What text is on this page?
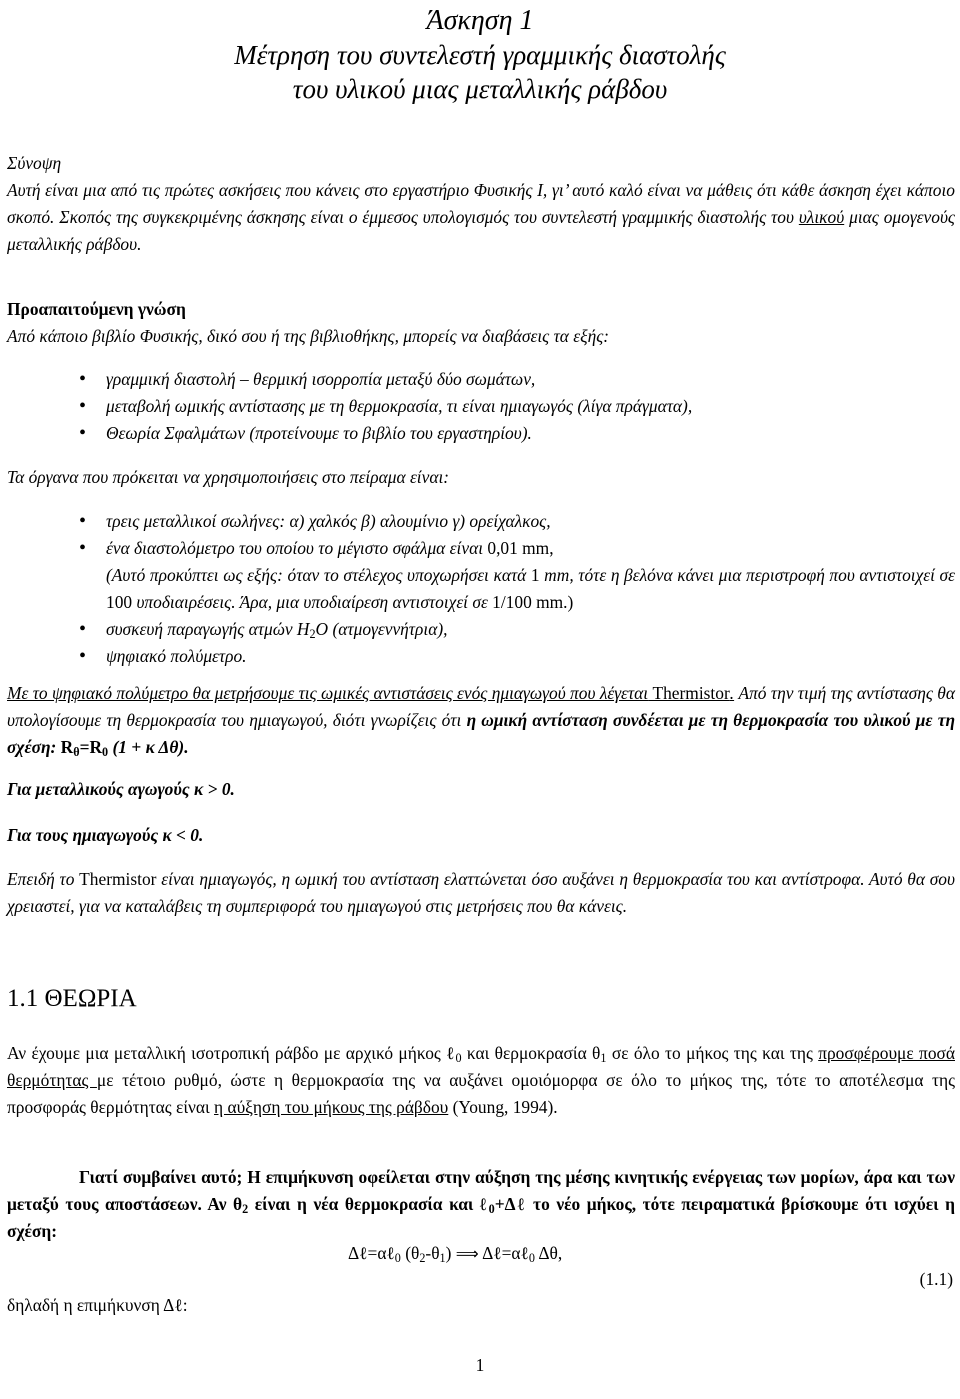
Άσκηση 1
Μέτρηση του συντελεστή γραμμικής διαστολής
του υλικού μιας μεταλλικής ράβδου

Σύνοψη

Αυτή είναι μια από τις πρώτες ασκήσεις που κάνεις στο εργαστήριο Φυσικής Ι, γι’ αυτό καλό είναι να μάθεις ότι κάθε άσκηση έχει κάποιο σκοπό. Σκοπός της συγκεκριμένης άσκησης είναι ο έμμεσος υπολογισμός του συντελεστή γραμμικής διαστολής του υλικού μιας ομογενούς μεταλλικής ράβδου.

Προαπαιτούμενη γνώση

Από κάποιο βιβλίο Φυσικής, δικό σου ή της βιβλιοθήκης, μπορείς να διαβάσεις τα εξής:

• γραμμική διαστολή – θερμική ισορροπία μεταξύ δύο σωμάτων,
• μεταβολή ωμικής αντίστασης με τη θερμοκρασία, τι είναι ημιαγωγός (λίγα πράγματα),
• Θεωρία Σφαλμάτων (προτείνουμε το βιβλίο του εργαστηρίου).

Τα όργανα που πρόκειται να χρησιμοποιήσεις στο πείραμα είναι:

• τρεις μεταλλικοί σωλήνες: α) χαλκός β) αλουμίνιο γ) ορείχαλκος,
• ένα διαστολόμετρο του οποίου το μέγιστο σφάλμα είναι 0,01 mm,
(Αυτό προκύπτει ως εξής: όταν το στέλεχος υποχωρήσει κατά 1 mm, τότε η βελόνα κάνει μια περιστροφή που αντιστοιχεί σε 100 υποδιαιρέσεις. Άρα, μια υποδιαίρεση αντιστοιχεί σε 1/100 mm.)
• συσκευή παραγωγής ατμών $H_2O$ (ατμογεννήτρια),
• ψηφιακό πολύμετρο.

Με το ψηφιακό πολύμετρο θα μετρήσουμε τις ωμικές αντιστάσεις ενός ημιαγωγού που λέγεται Thermistor. Από την τιμή της αντίστασης θα υπολογίσουμε τη θερμοκρασία του ημιαγωγού, διότι γνωρίζεις ότι η ωμική αντίσταση συνδέεται με τη θερμοκρασία του υλικού με τη σχέση: $R_\theta=R_0$ (1 + κ Δθ).

Για μεταλλικούς αγωγούς κ > 0.

Για τους ημιαγωγούς κ < 0.

Επειδή το Thermistor είναι ημιαγωγός, η ωμική του αντίσταση ελαττώνεται όσο αυξάνει η θερμοκρασία του και αντίστροφα. Αυτό θα σου χρειαστεί, για να καταλάβεις τη συμπεριφορά του ημιαγωγού στις μετρήσεις που θα κάνεις.

1.1 ΘΕΩΡΙΑ

Αν έχουμε μια μεταλλική ισοτροπική ράβδο με αρχικό μήκος ℓ$_0$ και θερμοκρασία $\theta_1$ σε όλο το μήκος της και της προσφέρουμε ποσά θερμότητας με τέτοιο ρυθμό, ώστε η θερμοκρασία της να αυξάνει ομοιόμορφα σε όλο το μήκος της, τότε το αποτέλεσμα της προσφοράς θερμότητας είναι η αύξηση του μήκους της ράβδου (Young, 1994).

Γιατί συμβαίνει αυτό; Η επιμήκυνση οφείλεται στην αύξηση της μέσης κινητικής ενέργειας των μορίων, άρα και των μεταξύ τους αποστάσεων. Αν $\theta_2$ είναι η νέα θερμοκρασία και ℓ$_0$+Δℓ το νέο μήκος, τότε πειραματικά βρίσκουμε ότι ισχύει η σχέση:

Δℓ=αℓ$_0$ $(\theta_2-\theta_1)$ ⟹ Δℓ=αℓ$_0$ Δθ,
(1.1)
δηλαδή η επιμήκυνση Δℓ:
1
